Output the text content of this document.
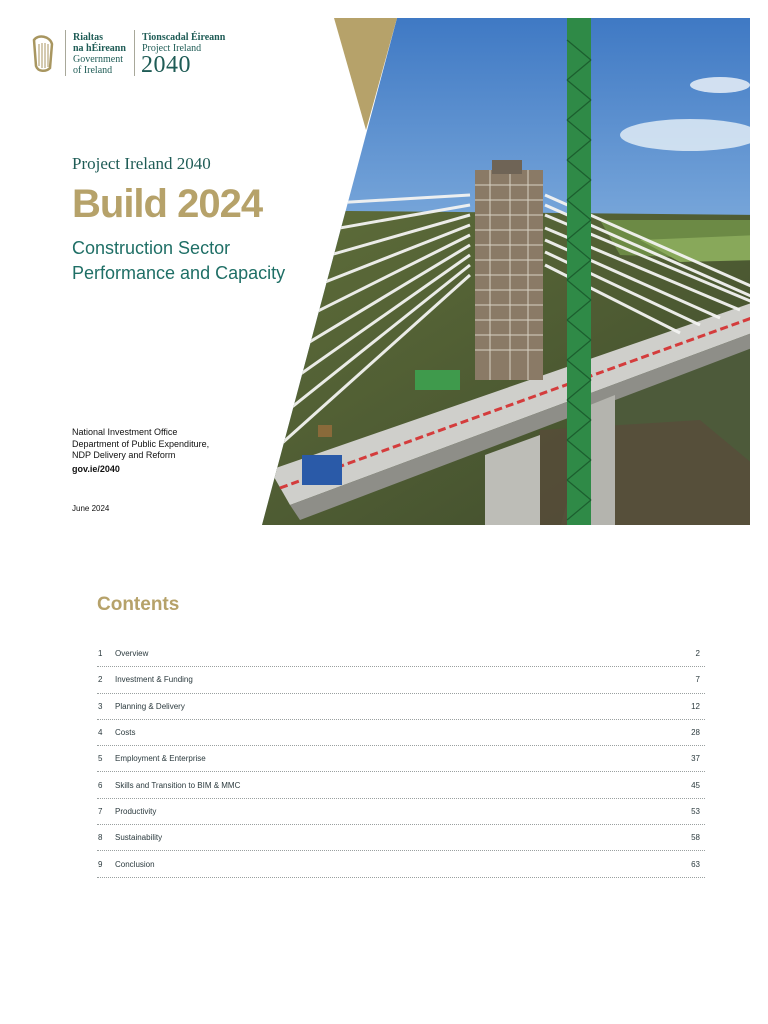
Rialtas
na hÉireann
Government
of Ireland
Tionscadal Éireann
Project Ireland
2040
Project Ireland 2040
Build 2024
Construction Sector
Performance and Capacity
National Investment Office
Department of Public Expenditure,
NDP Delivery and Reform
gov.ie/2040
June 2024
Contents
1	Overview	2
2	Investment & Funding	7
3	Planning & Delivery	12
4	Costs	28
5	Employment & Enterprise	37
6	Skills and Transition to BIM & MMC	45
7	Productivity	53
8	Sustainability	58
9	Conclusion	63
